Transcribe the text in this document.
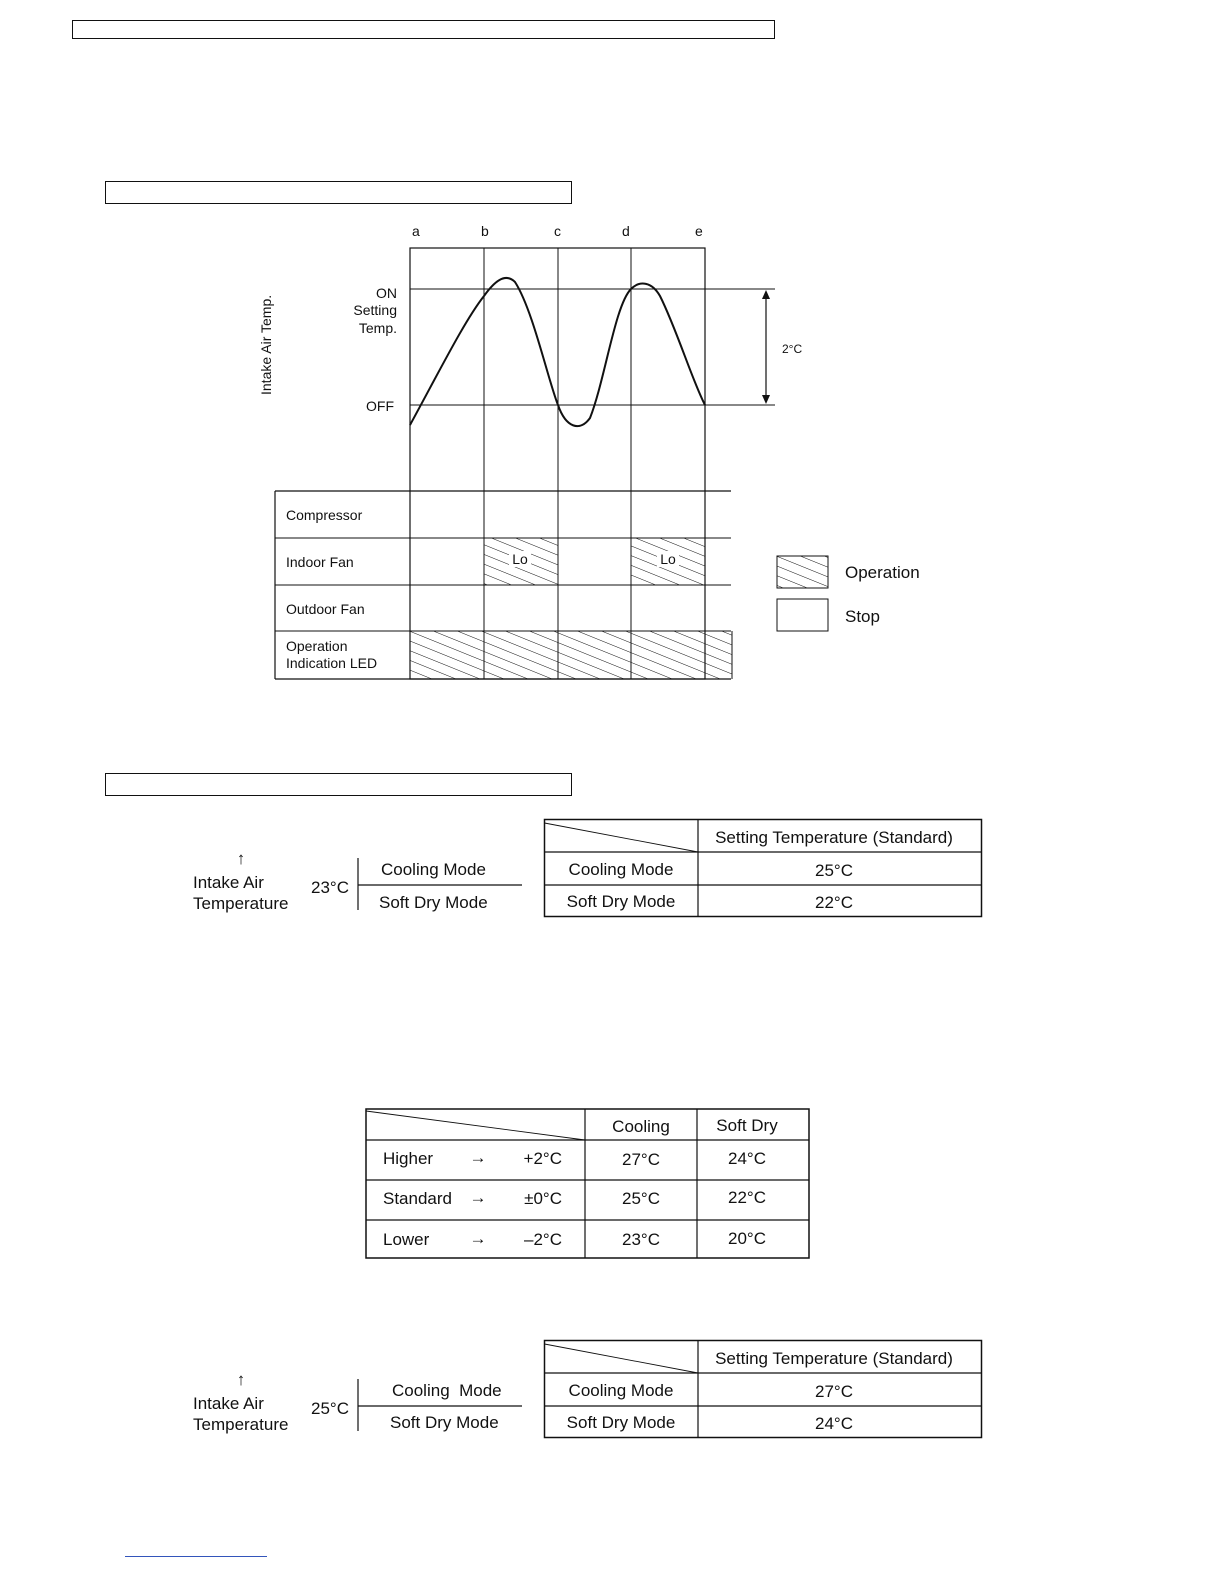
a	b	c	d	e
Intake Air Temp.
ON
Setting
Temp.
OFF
2°C
Lo	Lo
Compressor
Indoor Fan
Outdoor Fan
Operation
Indication LED
Operation
Stop
↑
Intake Air
Temperature
23°C
Cooling Mode
Soft Dry Mode
Setting Temperature (Standard)
Cooling Mode	25°C
Soft Dry Mode	22°C
Cooling	Soft Dry
Higher → +2°C	27°C	24°C
Standard → ±0°C	25°C	22°C
Lower → –2°C	23°C	20°C
↑
Intake Air
Temperature
25°C
Cooling  Mode
Soft Dry Mode
Setting Temperature (Standard)
Cooling Mode	27°C
Soft Dry Mode	24°C
